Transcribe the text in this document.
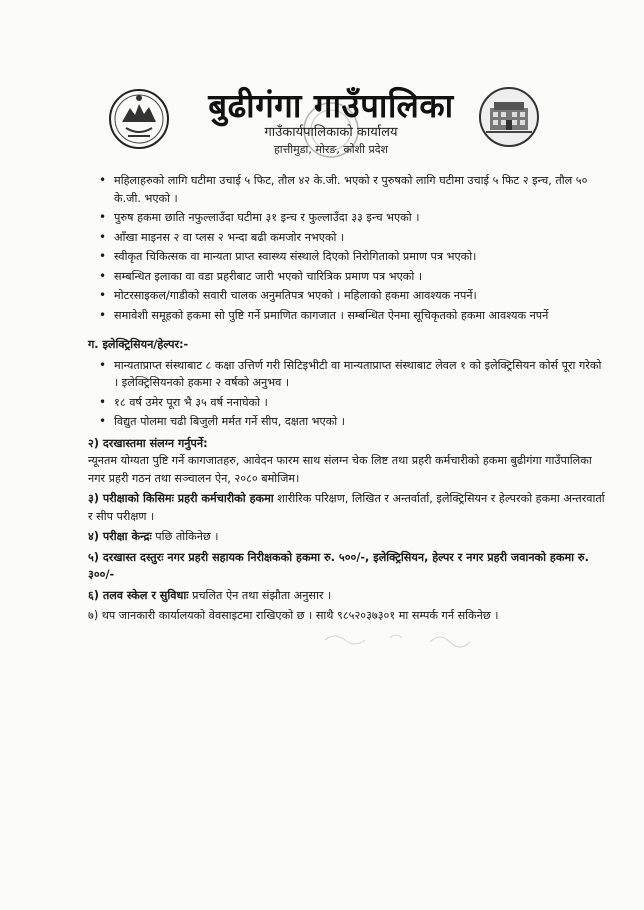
बुढीगंगा गाउँपालिका
गाउँकार्यपालिकाको कार्यालय
हात्तीमुडा, मोरङ, कोशी प्रदेश
• महिलाहरुको लागि घटीमा उचाई ५ फिट, तौल ४२ के.जी. भएको र पुरुषको लागि घटीमा उचाई ५ फिट २ इन्च, तौल ५० के.जी. भएको ।
• पुरुष हकमा छाति नफुल्लाउँदा घटीमा ३१ इन्च र फुल्लाउँदा ३३ इन्च भएको ।
• आँखा माइनस २ वा प्लस २ भन्दा बढी कमजोर नभएको ।
• स्वीकृत चिकित्सक वा मान्यता प्राप्त स्वास्थ्य संस्थाले दिएको निरोगिताको प्रमाण पत्र भएको।
• सम्बन्धित इलाका वा वडा प्रहरीबाट जारी भएको चारित्रिक प्रमाण पत्र भएको ।
• मोटरसाइकल/गाडीको सवारी चालक अनुमतिपत्र भएको । महिलाको हकमा आवश्यक नपर्ने।
• समावेशी समूहको हकमा सो पुष्टि गर्ने प्रमाणित कागजात । सम्बन्धित ऐनमा सूचिकृतको हकमा आवश्यक नपर्ने
ग. इलेक्ट्रिसियन/हेल्पर:-
• मान्यताप्राप्त संस्थाबाट ८ कक्षा उत्तिर्ण गरी सिटिइभीटी वा मान्यताप्राप्त संस्थाबाट लेवल १ को इलेक्ट्रिसियन कोर्स पूरा गरेको । इलेक्ट्रिसियनको हकमा २ वर्षको अनुभव ।
• १८ वर्ष उमेर पूरा भै ३५ वर्ष ननाघेको ।
• विद्युत पोलमा चढी बिजुली मर्मत गर्ने सीप, दक्षता भएको ।
२) दरखास्तमा संलग्न गर्नुपर्ने:
न्यूनतम योग्यता पुष्टि गर्ने कागजातहरु, आवेदन फारम साथ संलग्न चेक लिष्ट तथा प्रहरी कर्मचारीको हकमा बुढीगंगा गाउँपालिका नगर प्रहरी गठन तथा सञ्चालन ऐन, २०८० बमोजिम।
३) परीक्षाको किसिमः प्रहरी कर्मचारीको हकमा शारीरिक परिक्षण, लिखित र अन्तर्वार्ता, इलेक्ट्रिसियन र हेल्परको हकमा अन्तरवार्ता र सीप परीक्षण ।
४) परीक्षा केन्द्रः पछि तोकिनेछ ।
५) दरखास्त दस्तुरः नगर प्रहरी सहायक निरीक्षकको हकमा रु. ५००/-, इलेक्ट्रिसियन, हेल्पर र नगर प्रहरी जवानको हकमा रु. ३००/-
६) तलव स्केल र सुविधाः प्रचलित ऐन तथा संझौता अनुसार ।
७) थप जानकारी कार्यालयको वेवसाइटमा राखिएको छ । साथै ९८५२०३७३०१ मा सम्पर्क गर्न सकिनेछ ।
